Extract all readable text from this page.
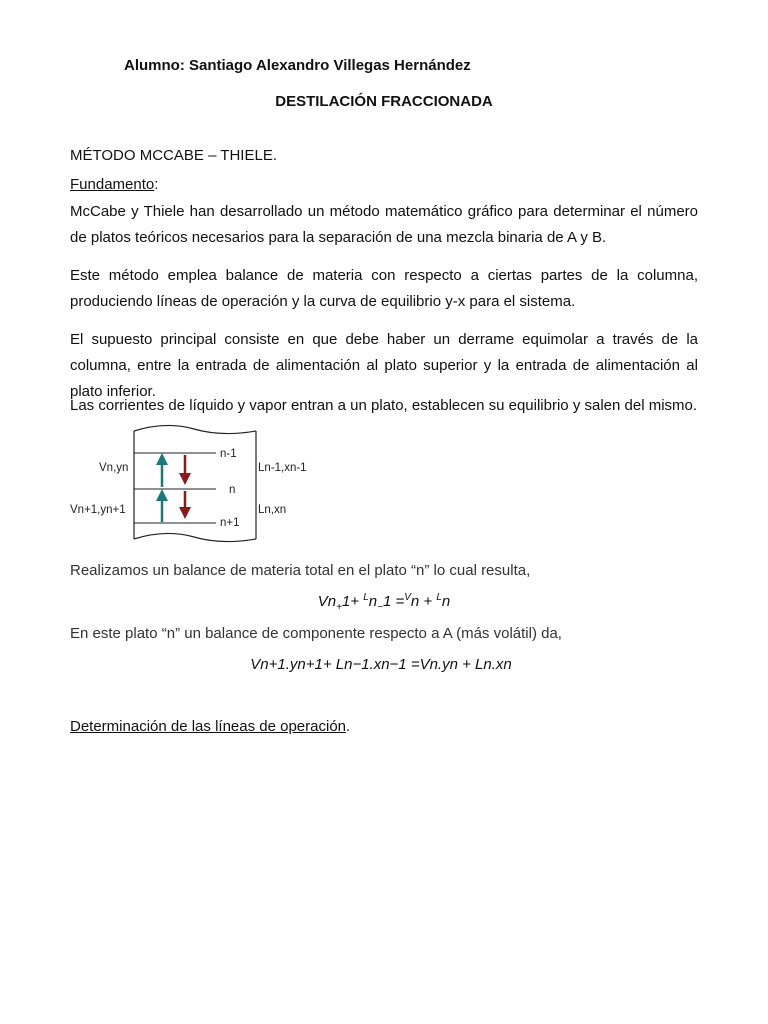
Alumno: Santiago Alexandro Villegas Hernández
DESTILACIÓN FRACCIONADA
MÉTODO MCCABE – THIELE.
Fundamento:
McCabe y Thiele han desarrollado un método matemático gráfico para determinar el número de platos teóricos necesarios para la separación de una mezcla binaria de A y B.
Este método emplea balance de materia con respecto a ciertas partes de la columna, produciendo líneas de operación y la curva de equilibrio y-x para el sistema.
El supuesto principal consiste en que debe haber un derrame equimolar a través de la columna, entre la entrada de alimentación al plato superior y la entrada de alimentación al plato inferior.
Las corrientes de líquido y vapor entran a un plato, establecen su equilibrio y salen del mismo.
n-1
n
n+1
Vn,yn
Vn+1,yn+1
Ln-1,xn-1
Ln,xn
Realizamos un balance de materia total en el plato “n” lo cual resulta,
$Vn_+1+ ^Ln_-1 =^Vn + ^Ln$
En este plato “n” un balance de componente respecto a A (más volátil) da,
Vn+1.yn+1+ Ln−1.xn−1 =Vn.yn + Ln.xn
Determinación de las líneas de operación.
